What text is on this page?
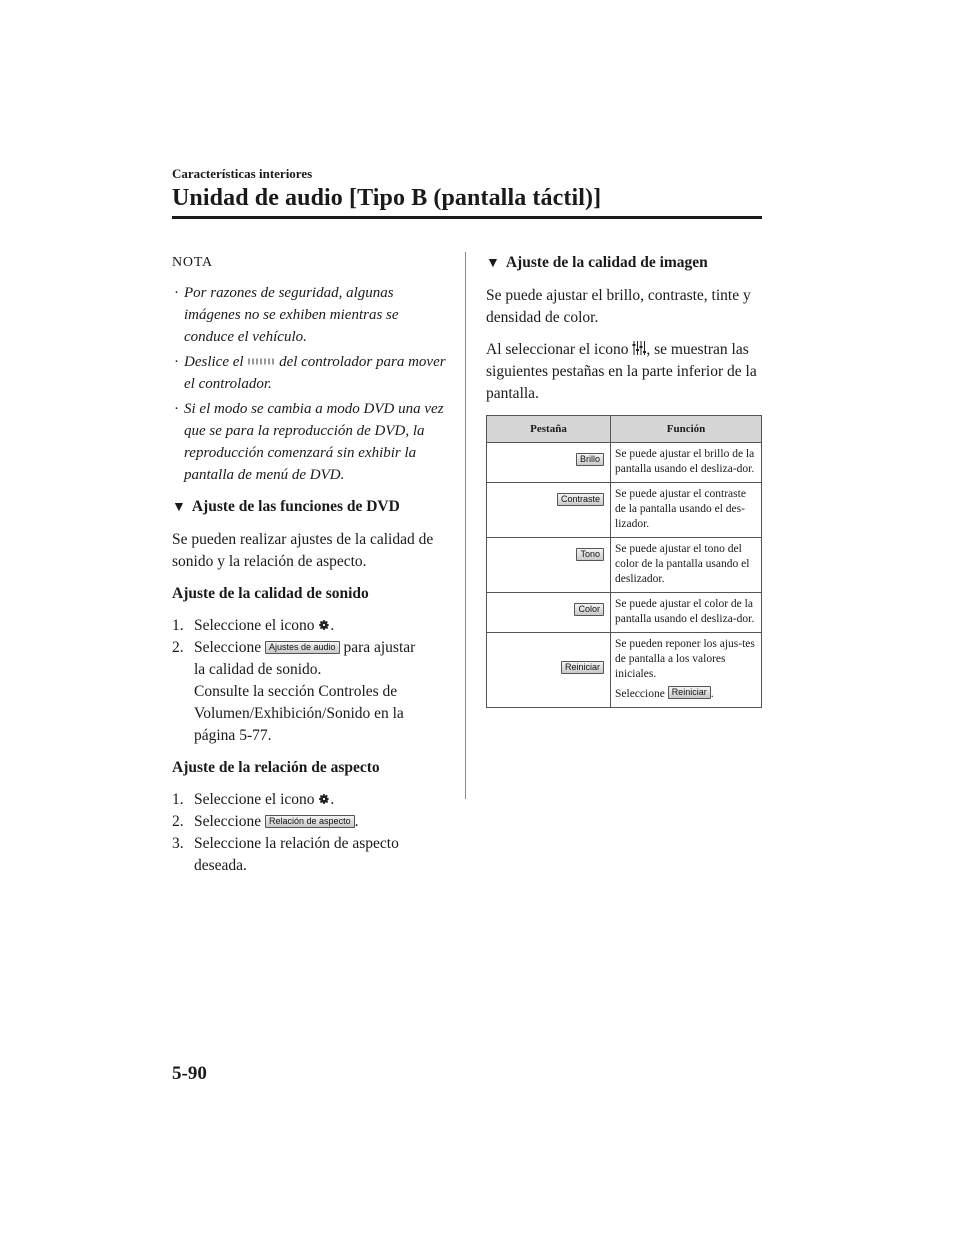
Características interiores
Unidad de audio [Tipo B (pantalla táctil)]
NOTA
· Por razones de seguridad, algunas imágenes no se exhiben mientras se conduce el vehículo.
· Deslice el del controlador para mover el controlador.
· Si el modo se cambia a modo DVD una vez que se para la reproducción de DVD, la reproducción comenzará sin exhibir la pantalla de menú de DVD.
▼ Ajuste de las funciones de DVD
Se pueden realizar ajustes de la calidad de sonido y la relación de aspecto.
Ajuste de la calidad de sonido
1. Seleccione el icono .
2. Seleccione Ajustes de audio para ajustar
la calidad de sonido.
Consulte la sección Controles de Volumen/Exhibición/Sonido en la página 5-77.
Ajuste de la relación de aspecto
1. Seleccione el icono .
2. Seleccione Relación de aspecto .
3. Seleccione la relación de aspecto deseada.
▼ Ajuste de la calidad de imagen
Se puede ajustar el brillo, contraste, tinte y densidad de color.
Al seleccionar el icono , se muestran las siguientes pestañas en la parte inferior de la pantalla.
Pestaña	Función
Brillo	Se puede ajustar el brillo de la pantalla usando el desliza-dor.
Contraste	Se puede ajustar el contraste de la pantalla usando el des-lizador.
Tono	Se puede ajustar el tono del color de la pantalla usando el deslizador.
Color	Se puede ajustar el color de la pantalla usando el desliza-dor.
Reiniciar	Se pueden reponer los ajus-tes de pantalla a los valores iniciales.
Seleccione Reiniciar .
5-90
